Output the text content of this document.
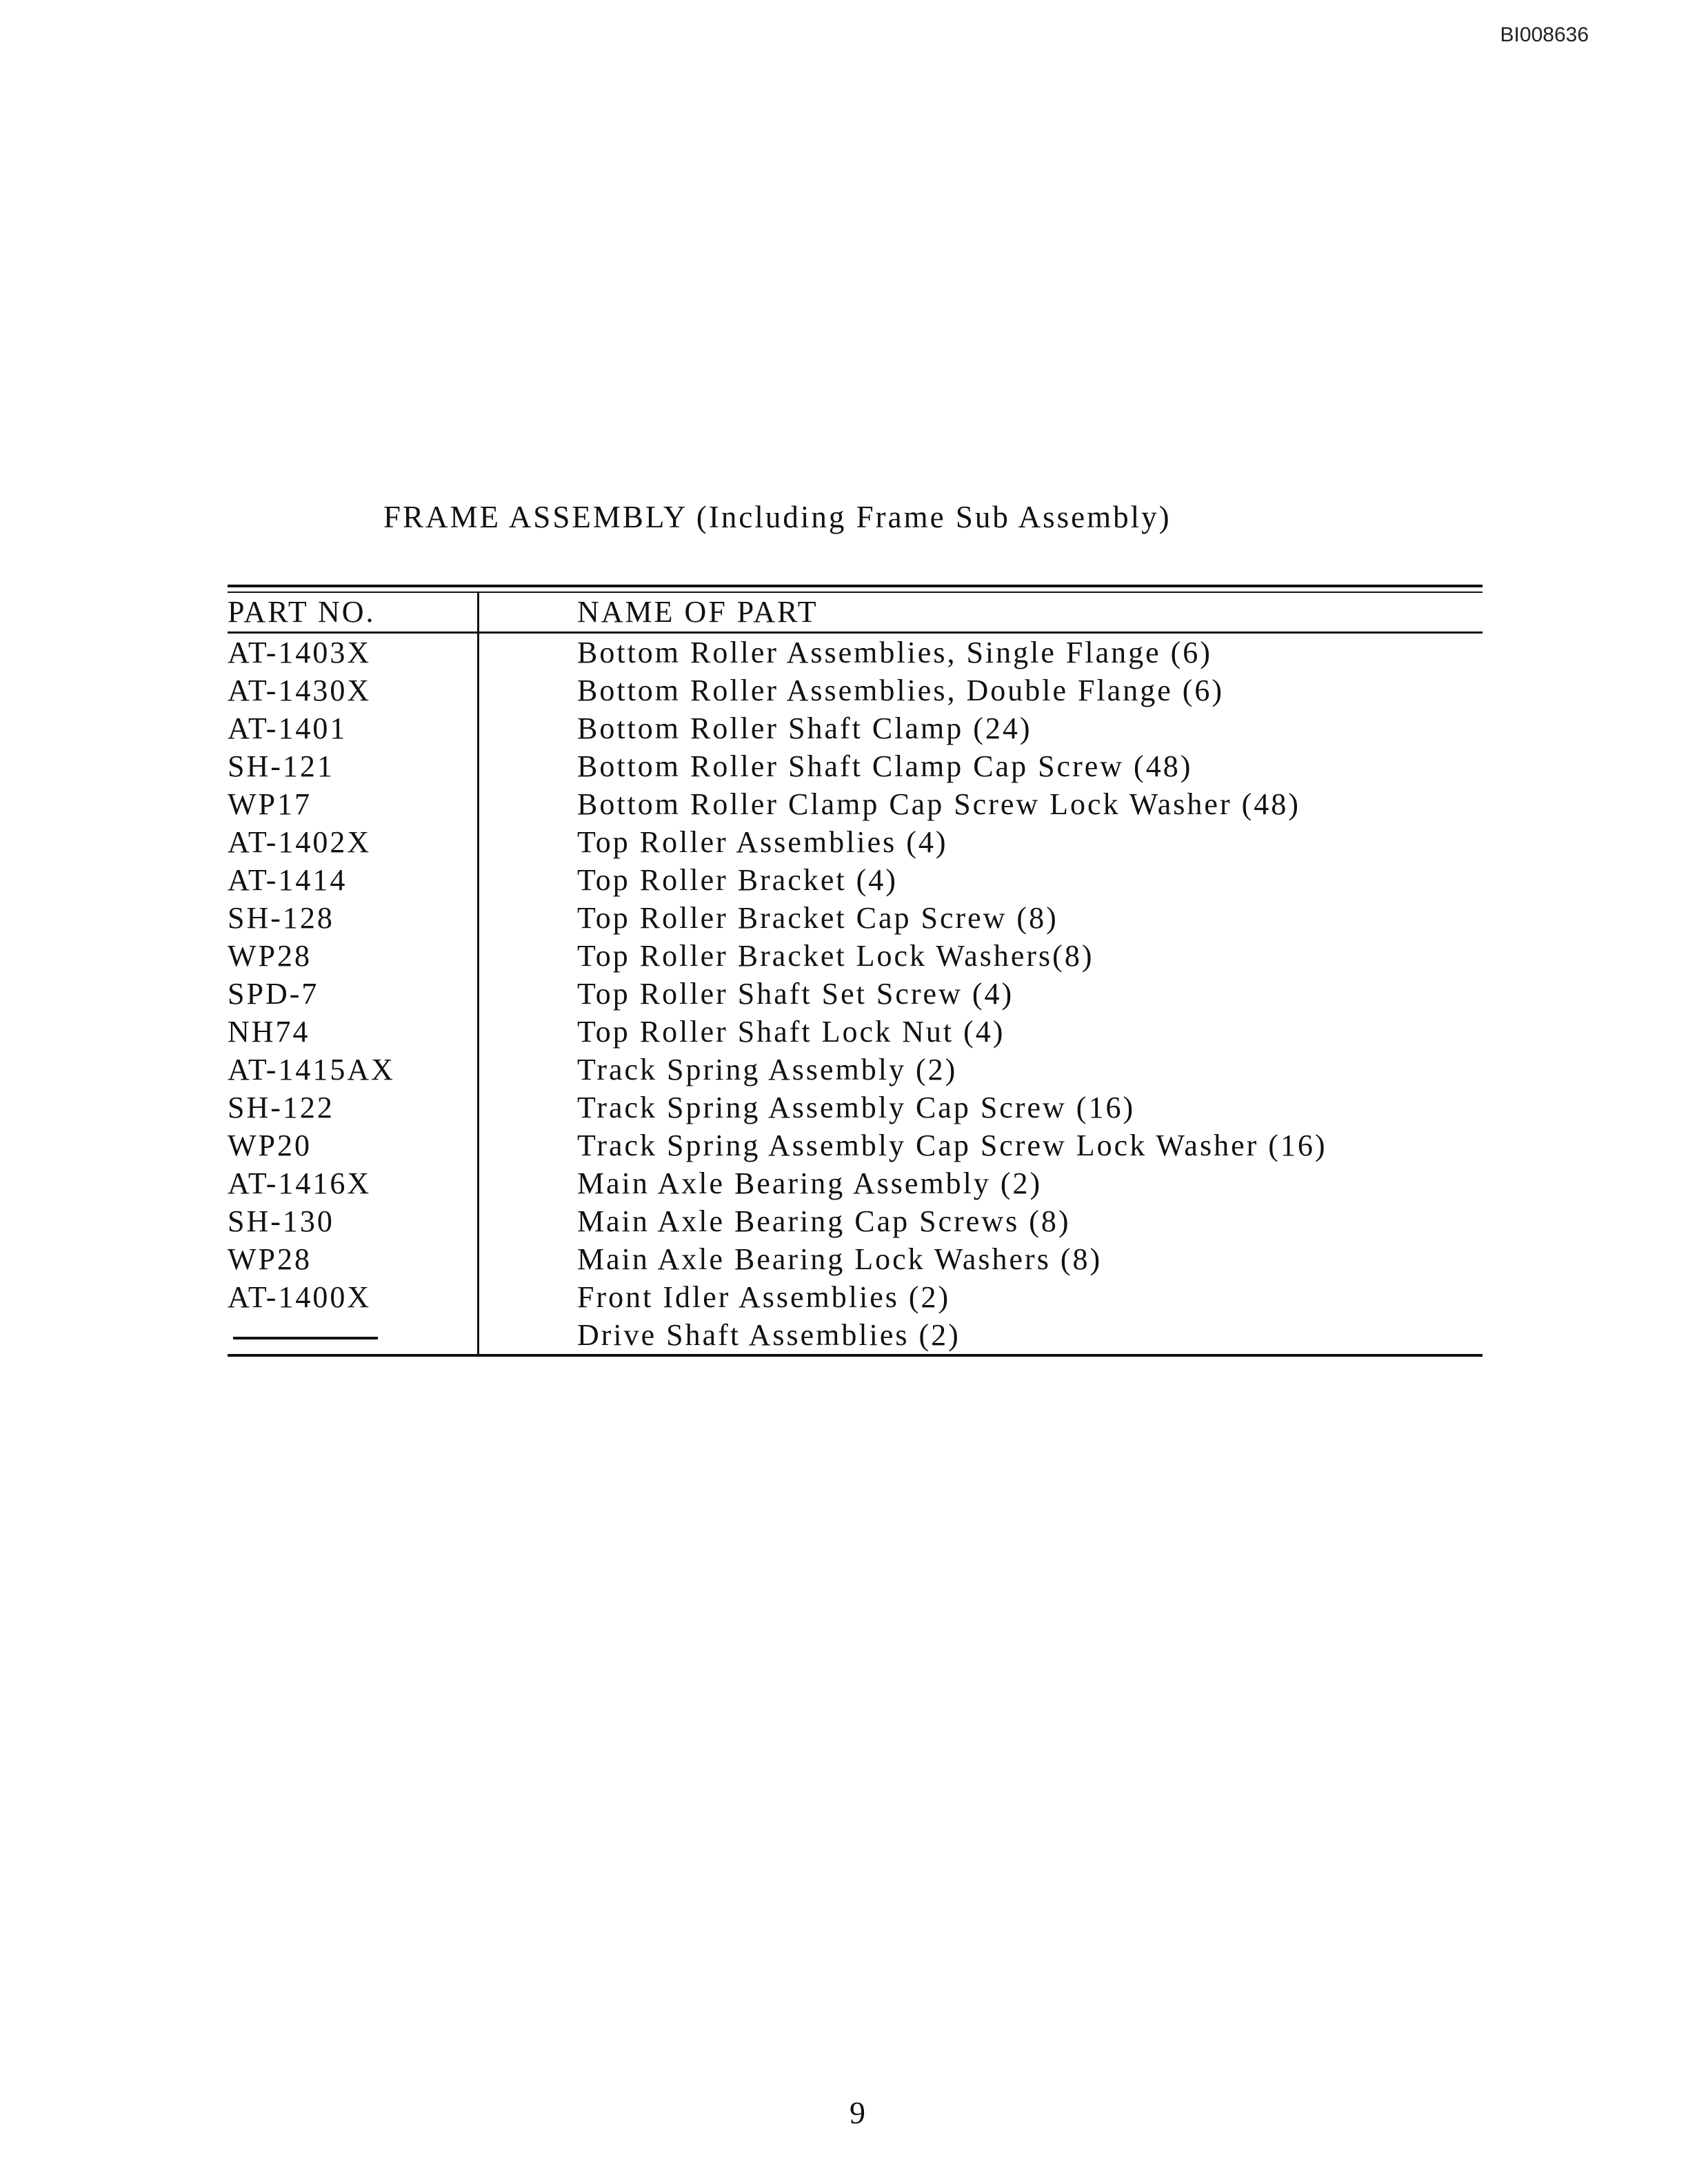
BI008636
FRAME ASSEMBLY (Including Frame Sub Assembly)
PART NO.	NAME OF PART
AT-1403X	Bottom Roller Assemblies, Single Flange (6)
AT-1430X	Bottom Roller Assemblies, Double Flange (6)
AT-1401	Bottom Roller Shaft Clamp (24)
SH-121	Bottom Roller Shaft Clamp Cap Screw (48)
WP17	Bottom Roller Clamp Cap Screw Lock Washer (48)
AT-1402X	Top Roller Assemblies (4)
AT-1414	Top Roller Bracket (4)
SH-128	Top Roller Bracket Cap Screw (8)
WP28	Top Roller Bracket Lock Washers(8)
SPD-7	Top Roller Shaft Set Screw (4)
NH74	Top Roller Shaft Lock Nut (4)
AT-1415AX	Track Spring Assembly (2)
SH-122	Track Spring Assembly Cap Screw (16)
WP20	Track Spring Assembly Cap Screw Lock Washer (16)
AT-1416X	Main Axle Bearing Assembly (2)
SH-130	Main Axle Bearing Cap Screws (8)
WP28	Main Axle Bearing Lock Washers (8)
AT-1400X	Front Idler Assemblies (2)
	Drive Shaft Assemblies (2)
9
